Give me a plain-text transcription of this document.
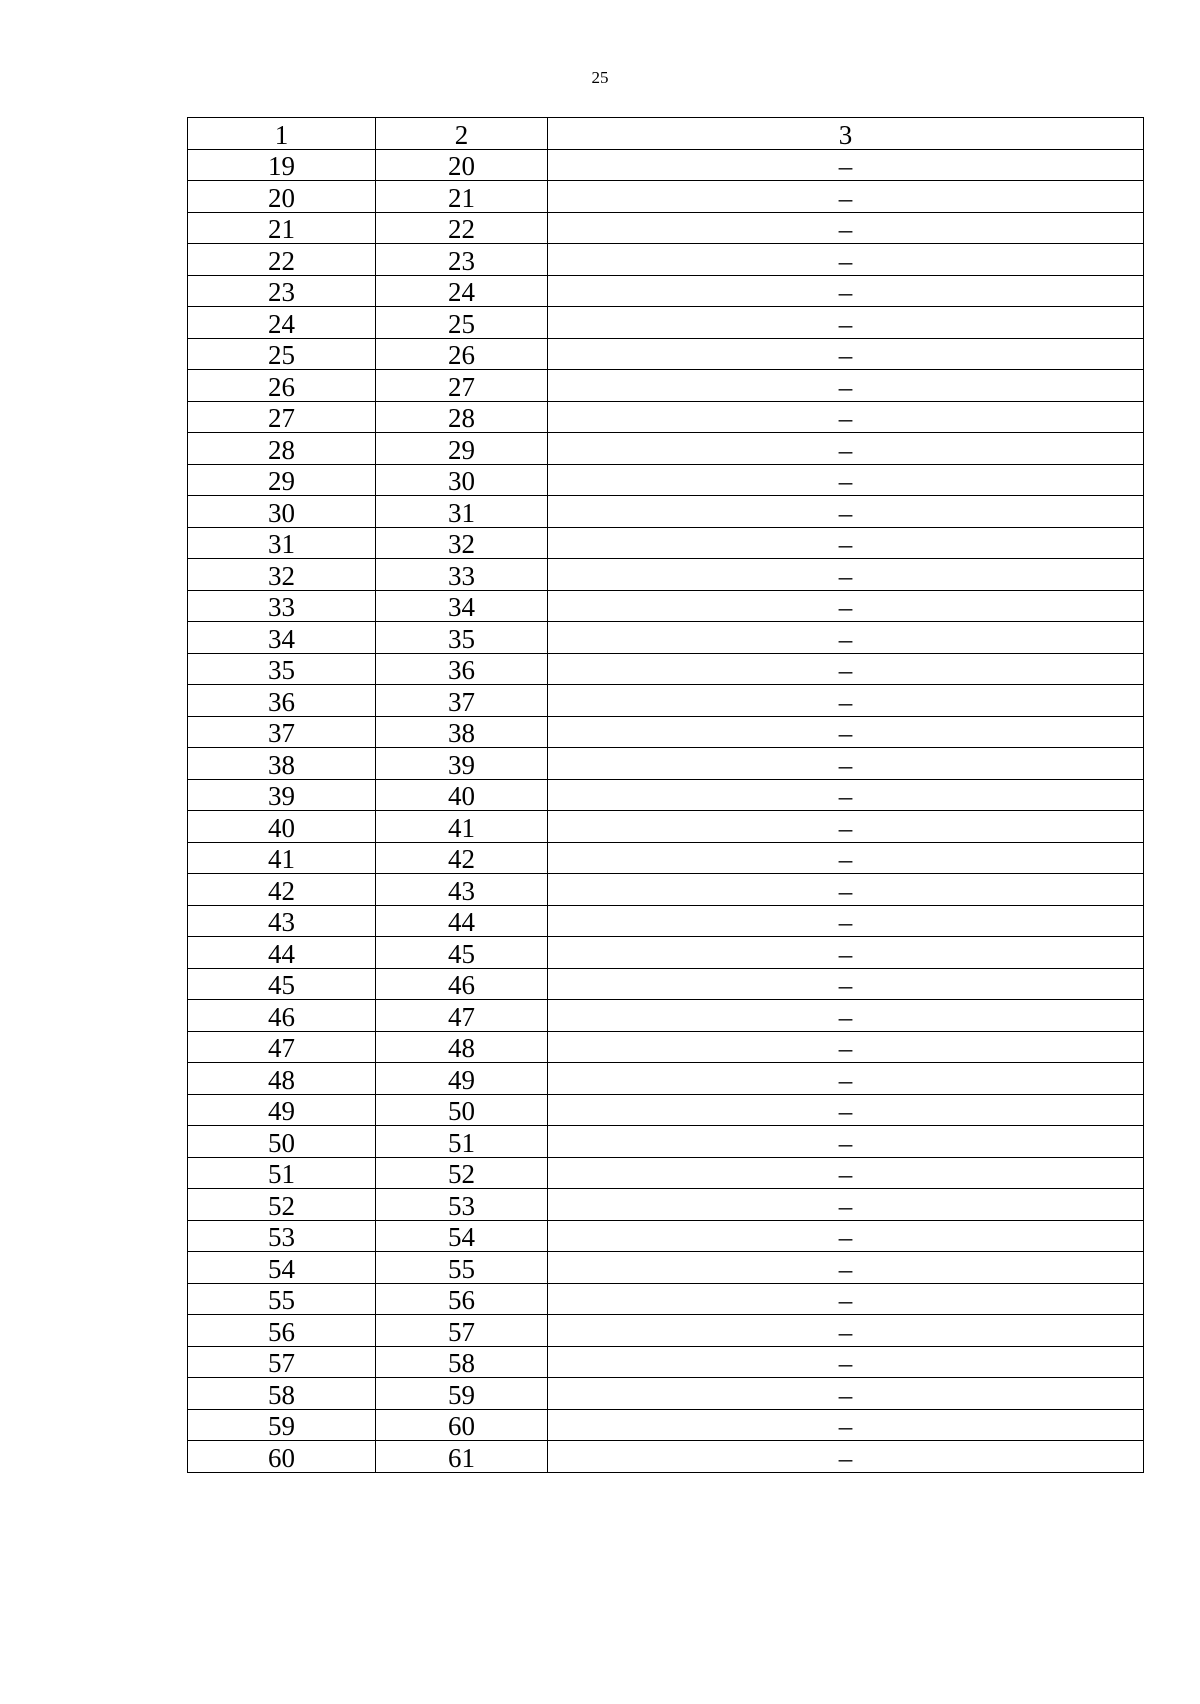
25
1	2	3
19	20	–
20	21	–
21	22	–
22	23	–
23	24	–
24	25	–
25	26	–
26	27	–
27	28	–
28	29	–
29	30	–
30	31	–
31	32	–
32	33	–
33	34	–
34	35	–
35	36	–
36	37	–
37	38	–
38	39	–
39	40	–
40	41	–
41	42	–
42	43	–
43	44	–
44	45	–
45	46	–
46	47	–
47	48	–
48	49	–
49	50	–
50	51	–
51	52	–
52	53	–
53	54	–
54	55	–
55	56	–
56	57	–
57	58	–
58	59	–
59	60	–
60	61	–
